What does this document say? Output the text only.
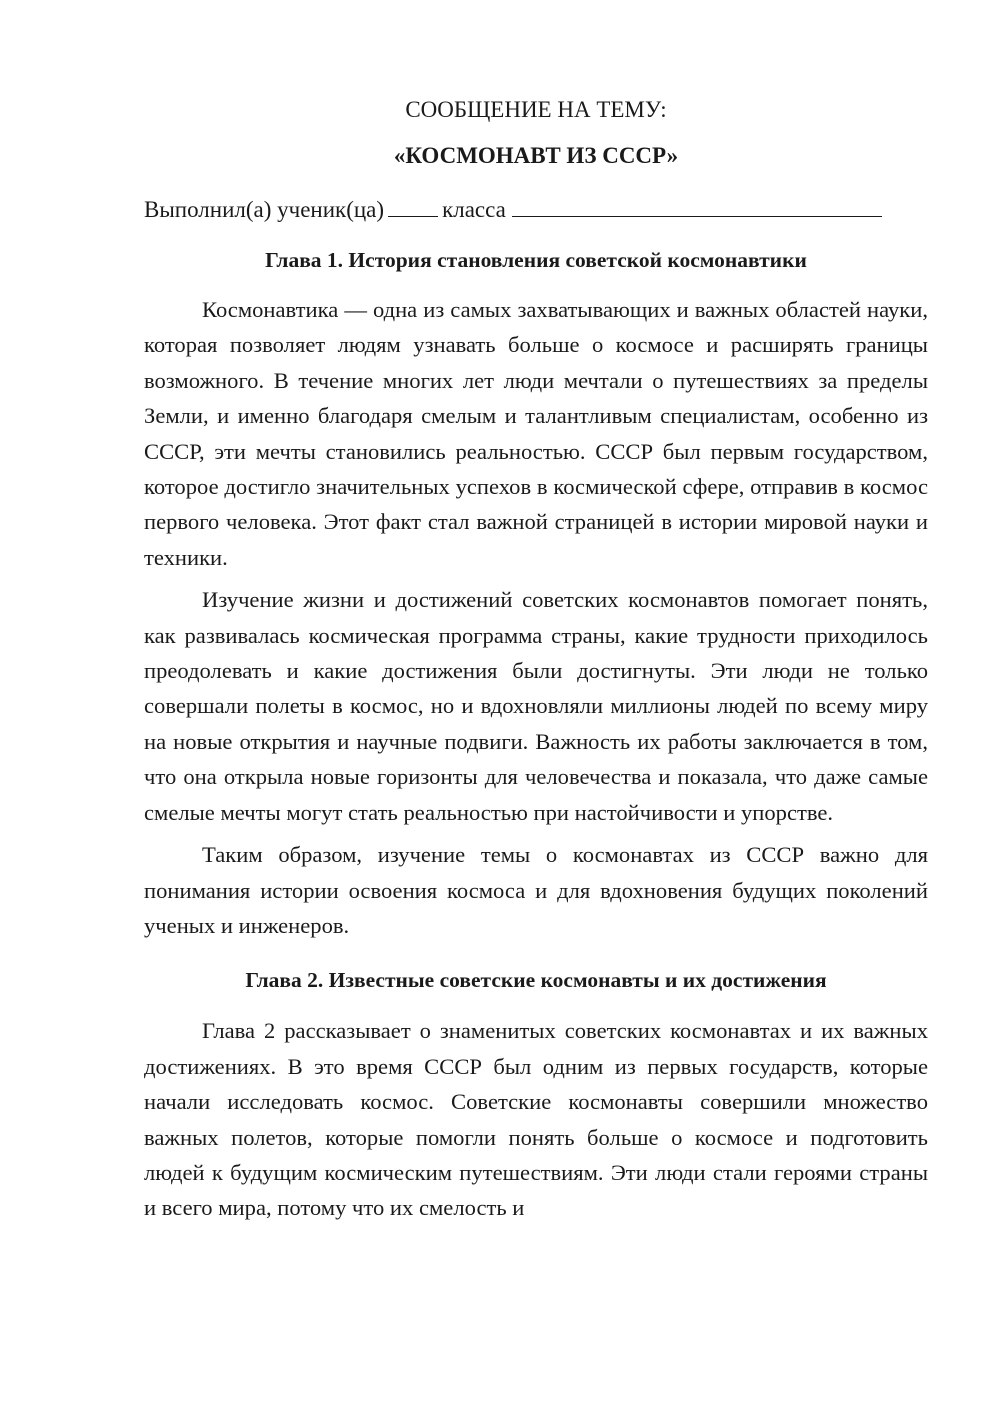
СООБЩЕНИЕ НА ТЕМУ:
«КОСМОНАВТ ИЗ СССР»
Выполнил(а) ученик(ца)	класса
Глава 1. История становления советской космонавтики

Космонавтика — одна из самых захватывающих и важных областей науки, которая позволяет людям узнавать больше о космосе и расширять границы возможного. В течение многих лет люди мечтали о путешествиях за пределы Земли, и именно благодаря смелым и талантливым специалистам, особенно из СССР, эти мечты становились реальностью. СССР был первым государством, которое достигло значительных успехов в космической сфере, отправив в космос первого человека. Этот факт стал важной страницей в истории мировой науки и техники.

Изучение жизни и достижений советских космонавтов помогает понять, как развивалась космическая программа страны, какие трудности приходилось преодолевать и какие достижения были достигнуты. Эти люди не только совершали полеты в космос, но и вдохновляли миллионы людей по всему миру на новые открытия и научные подвиги. Важность их работы заключается в том, что она открыла новые горизонты для человечества и показала, что даже самые смелые мечты могут стать реальностью при настойчивости и упорстве.

Таким образом, изучение темы о космонавтах из СССР важно для понимания истории освоения космоса и для вдохновения будущих поколений ученых и инженеров.

Глава 2. Известные советские космонавты и их достижения

Глава 2 рассказывает о знаменитых советских космонавтах и их важных достижениях. В это время СССР был одним из первых государств, которые начали исследовать космос. Советские космонавты совершили множество важных полетов, которые помогли понять больше о космосе и подготовить людей к будущим космическим путешествиям. Эти люди стали героями страны и всего мира, потому что их смелость и
